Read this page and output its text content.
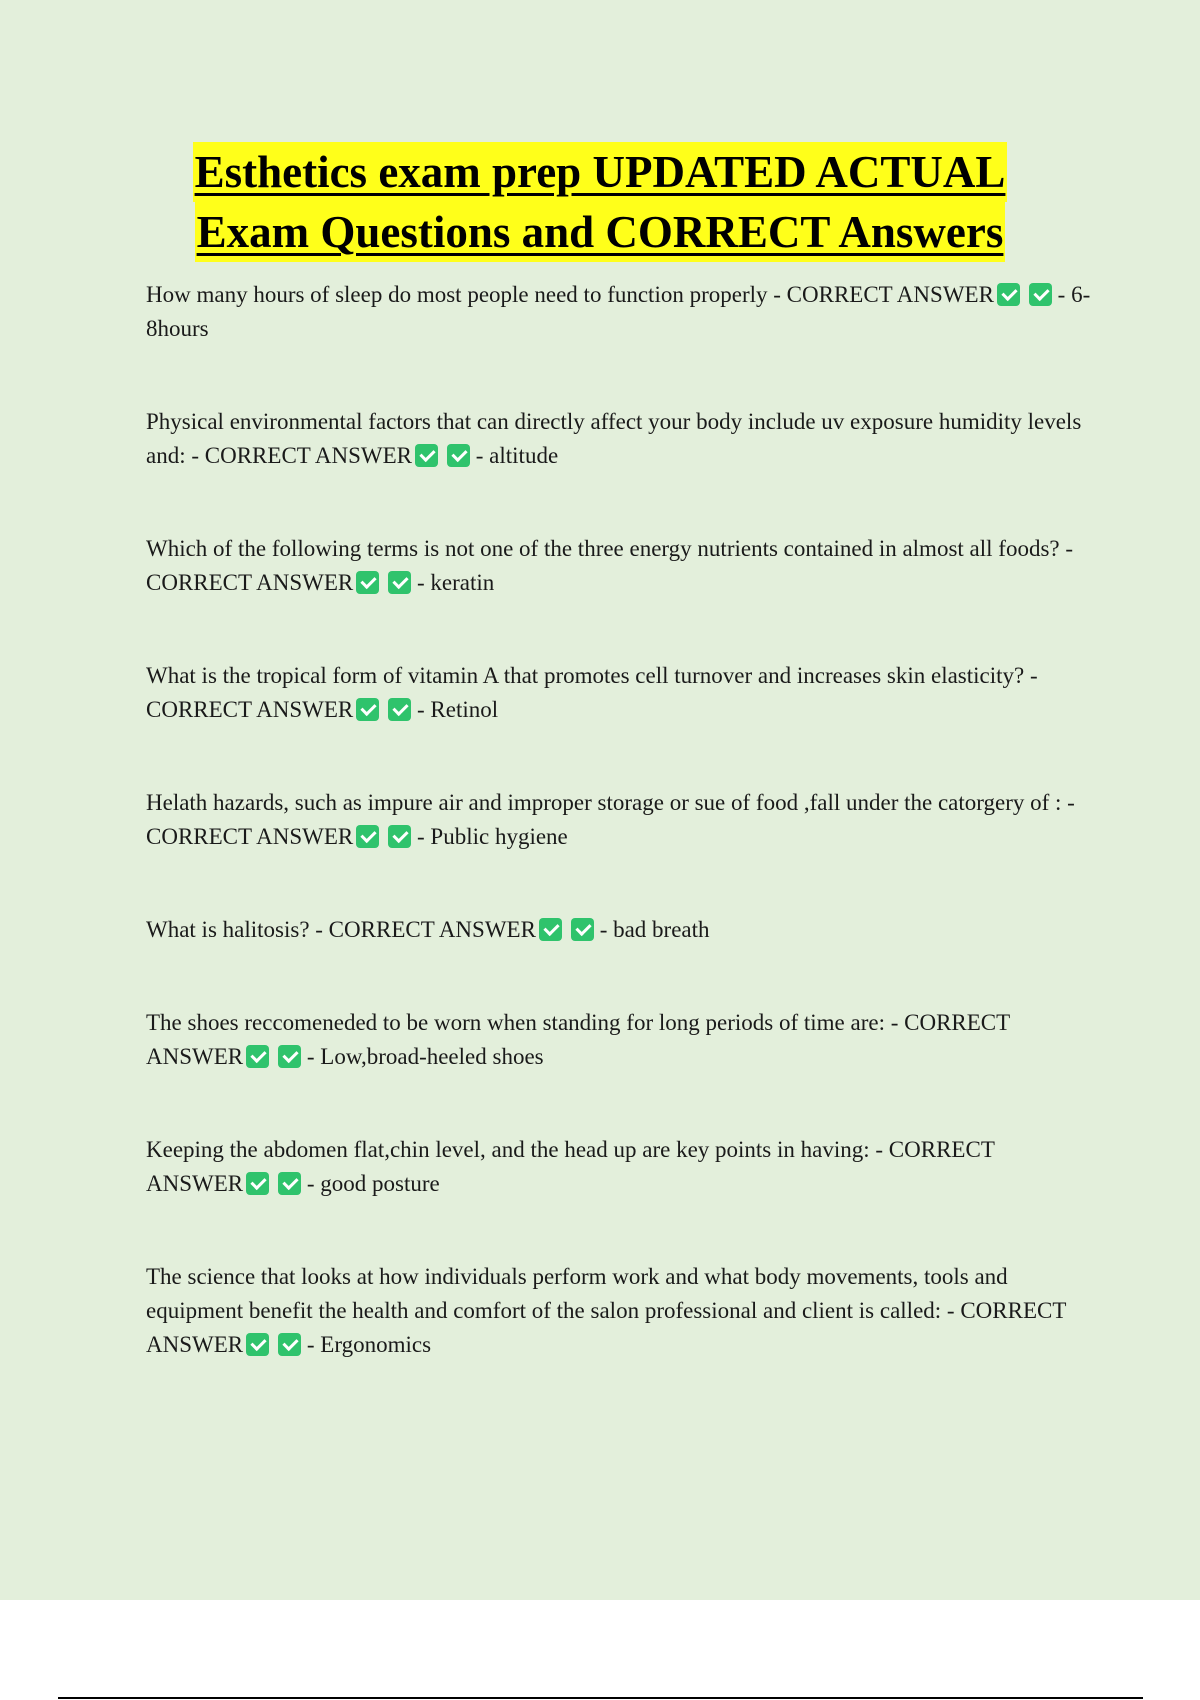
Esthetics exam prep UPDATED ACTUAL
Exam Questions and CORRECT Answers
How many hours of sleep do most people need to function properly - CORRECT ANSWER	- 6-8hours
Physical environmental factors that can directly affect your body include uv exposure humidity levels and: - CORRECT ANSWER	- altitude
Which of the following terms is not one of the three energy nutrients contained in almost all foods? - CORRECT ANSWER	- keratin
What is the tropical form of vitamin A that promotes cell turnover and increases skin elasticity? - CORRECT ANSWER	- Retinol
Helath hazards, such as impure air and improper storage or sue of food ,fall under the catorgery of : - CORRECT ANSWER	- Public hygiene
What is halitosis? - CORRECT ANSWER	- bad breath
The shoes reccomeneded to be worn when standing for long periods of time are: - CORRECT ANSWER	- Low,broad-heeled shoes
Keeping the abdomen flat,chin level, and the head up are key points in having: - CORRECT ANSWER	- good posture
The science that looks at how individuals perform work and what body movements, tools and equipment benefit the health and comfort of the salon professional and client is called: - CORRECT ANSWER	- Ergonomics
